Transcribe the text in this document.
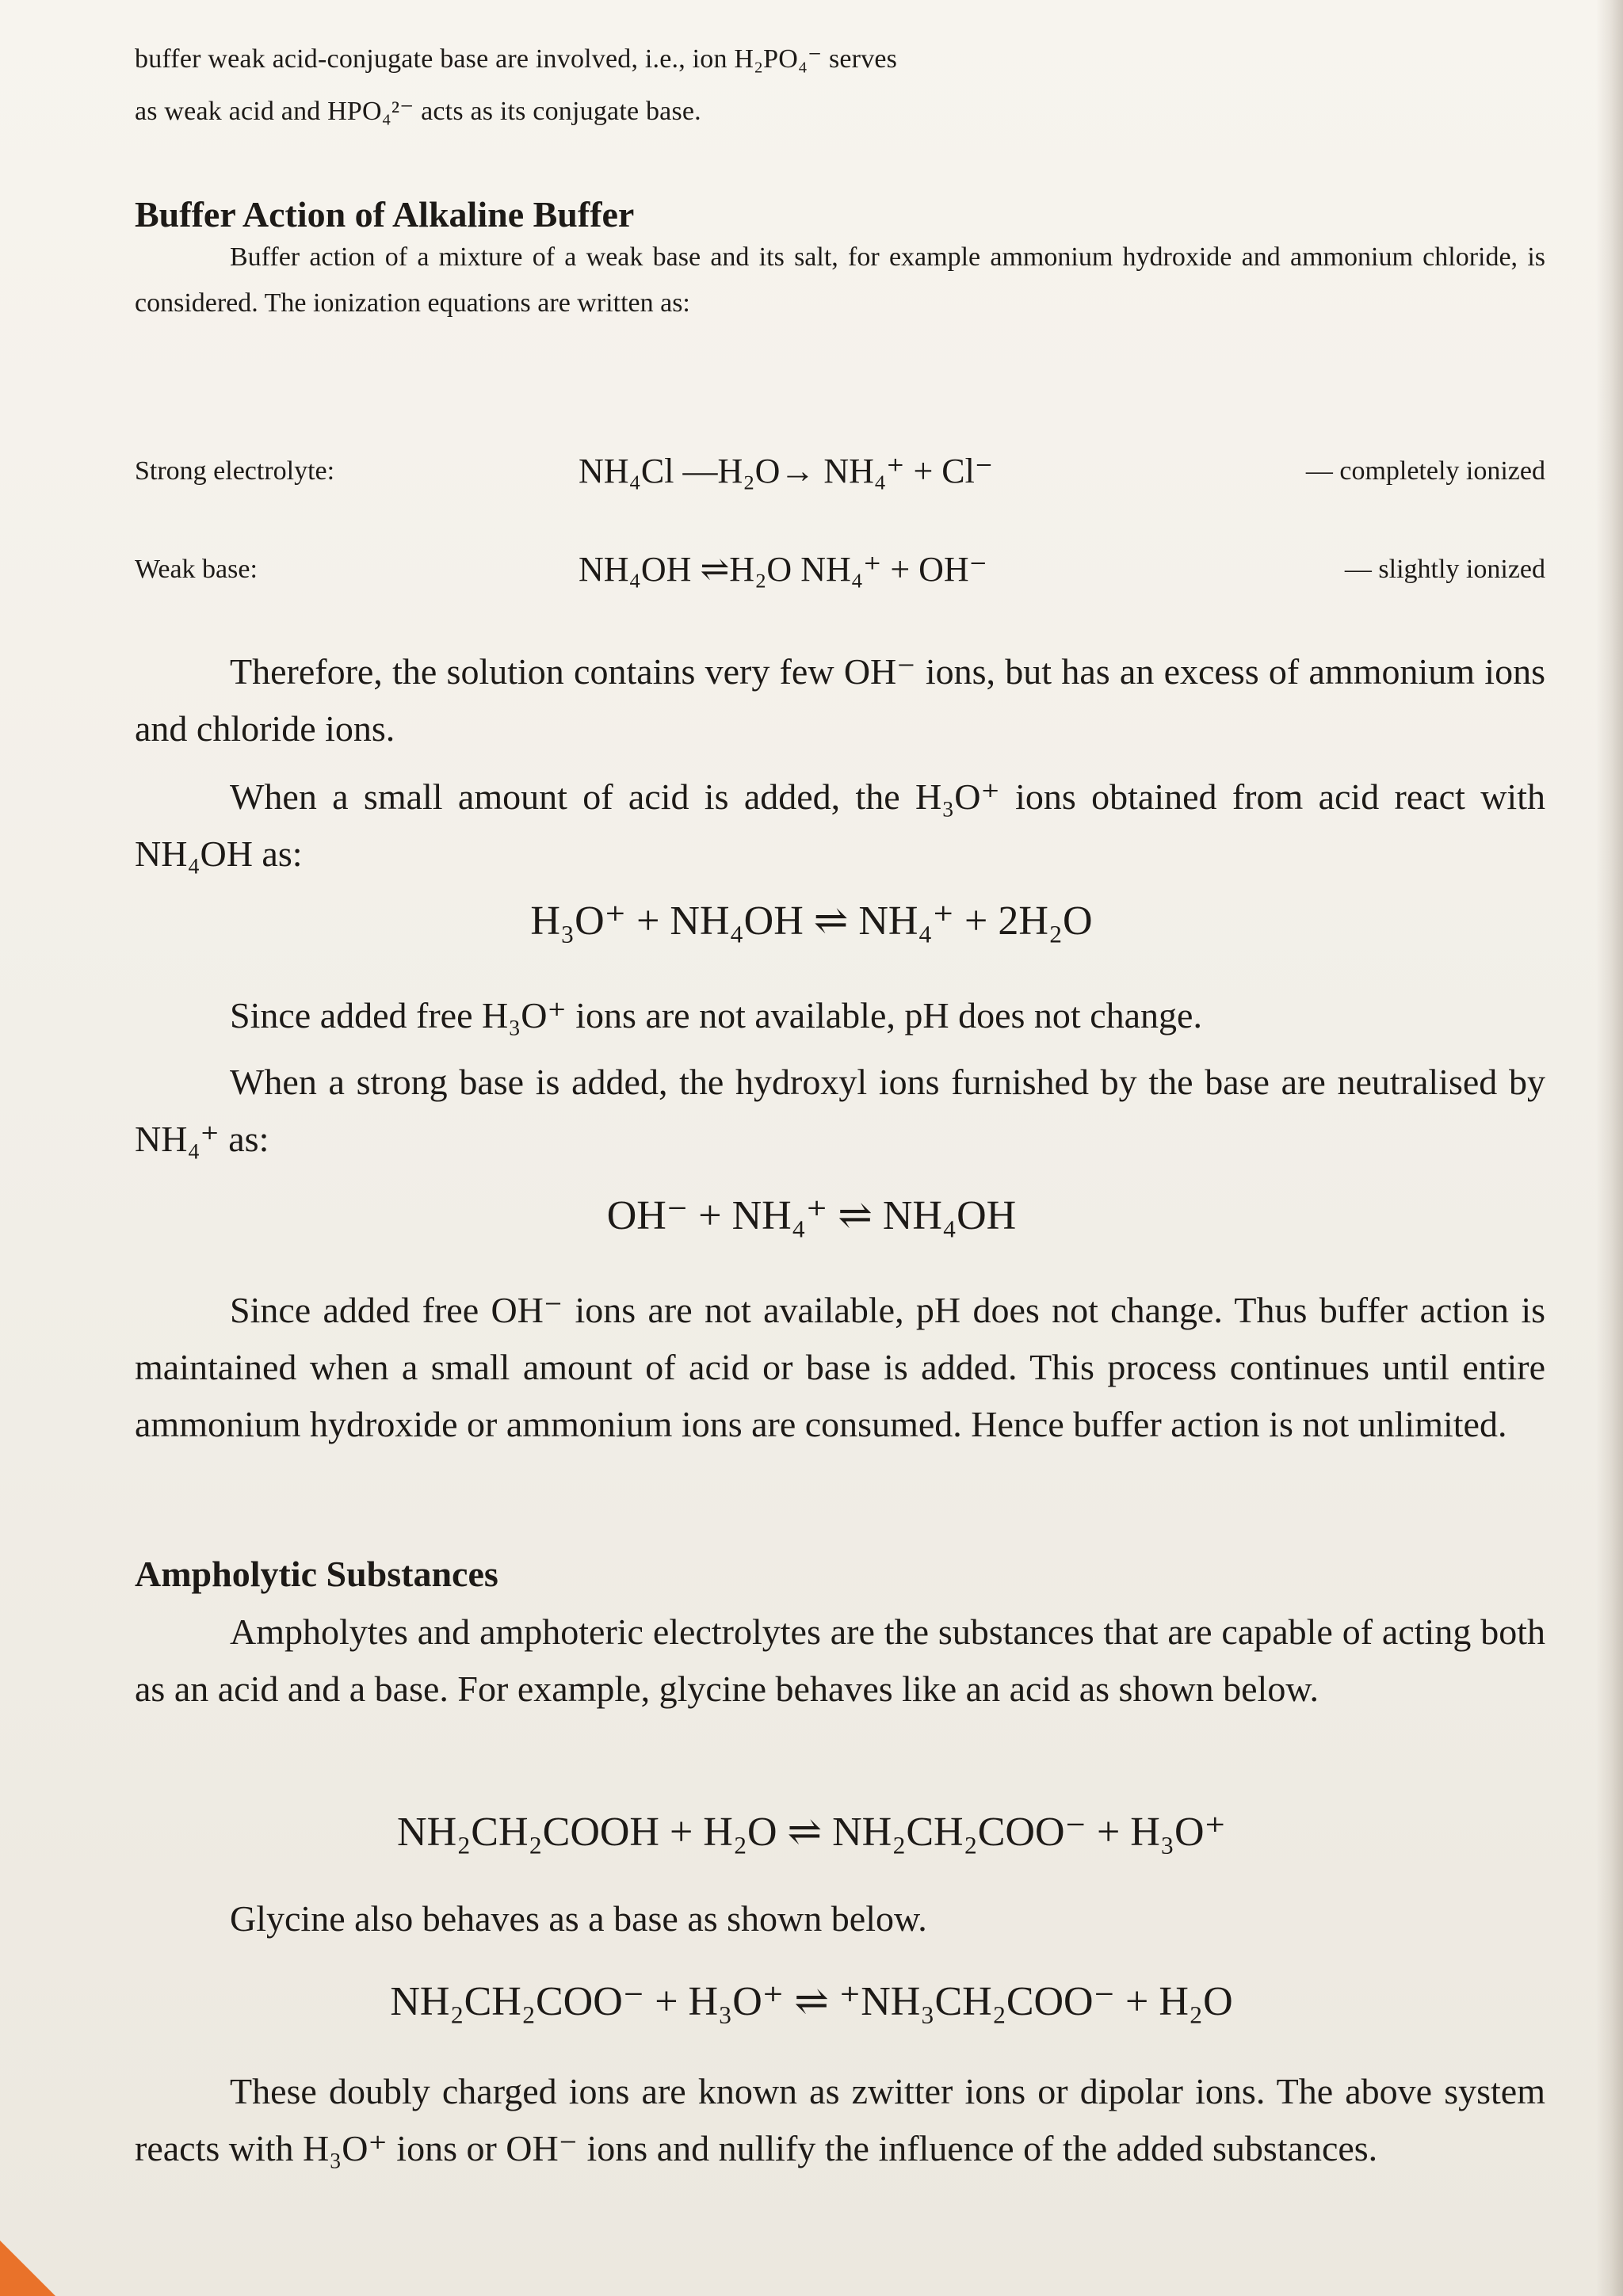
buffer weak acid-conjugate base are involved, i.e., ion H₂PO₄⁻ serves
as weak acid and HPO₄²⁻ acts as its conjugate base.
Buffer Action of Alkaline Buffer
Buffer action of a mixture of a weak base and its salt, for example ammonium hydroxide and ammonium chloride, is considered. The ionization equations are written as:
Strong electrolyte:	NH₄Cl —H₂O→ NH₄⁺ + Cl⁻	— completely ionized
Weak base:	NH₄OH ⇌H₂O NH₄⁺ + OH⁻	— slightly ionized
Therefore, the solution contains very few OH⁻ ions, but has an excess of ammonium ions and chloride ions.
When a small amount of acid is added, the H₃O⁺ ions obtained from acid react with NH₄OH as:
H₃O⁺ + NH₄OH ⇌ NH₄⁺ + 2H₂O
Since added free H₃O⁺ ions are not available, pH does not change.
When a strong base is added, the hydroxyl ions furnished by the base are neutralised by NH₄⁺ as:
OH⁻ + NH₄⁺ ⇌ NH₄OH
Since added free OH⁻ ions are not available, pH does not change. Thus buffer action is maintained when a small amount of acid or base is added. This process continues until entire ammonium hydroxide or ammonium ions are consumed. Hence buffer action is not unlimited.
Ampholytic Substances
Ampholytes and amphoteric electrolytes are the substances that are capable of acting both as an acid and a base. For example, glycine behaves like an acid as shown below.
NH₂CH₂COOH + H₂O ⇌ NH₂CH₂COO⁻ + H₃O⁺
Glycine also behaves as a base as shown below.
NH₂CH₂COO⁻ + H₃O⁺ ⇌ ⁺NH₃CH₂COO⁻ + H₂O
These doubly charged ions are known as zwitter ions or dipolar ions. The above system reacts with H₃O⁺ ions or OH⁻ ions and nullify the influence of the added substances.
